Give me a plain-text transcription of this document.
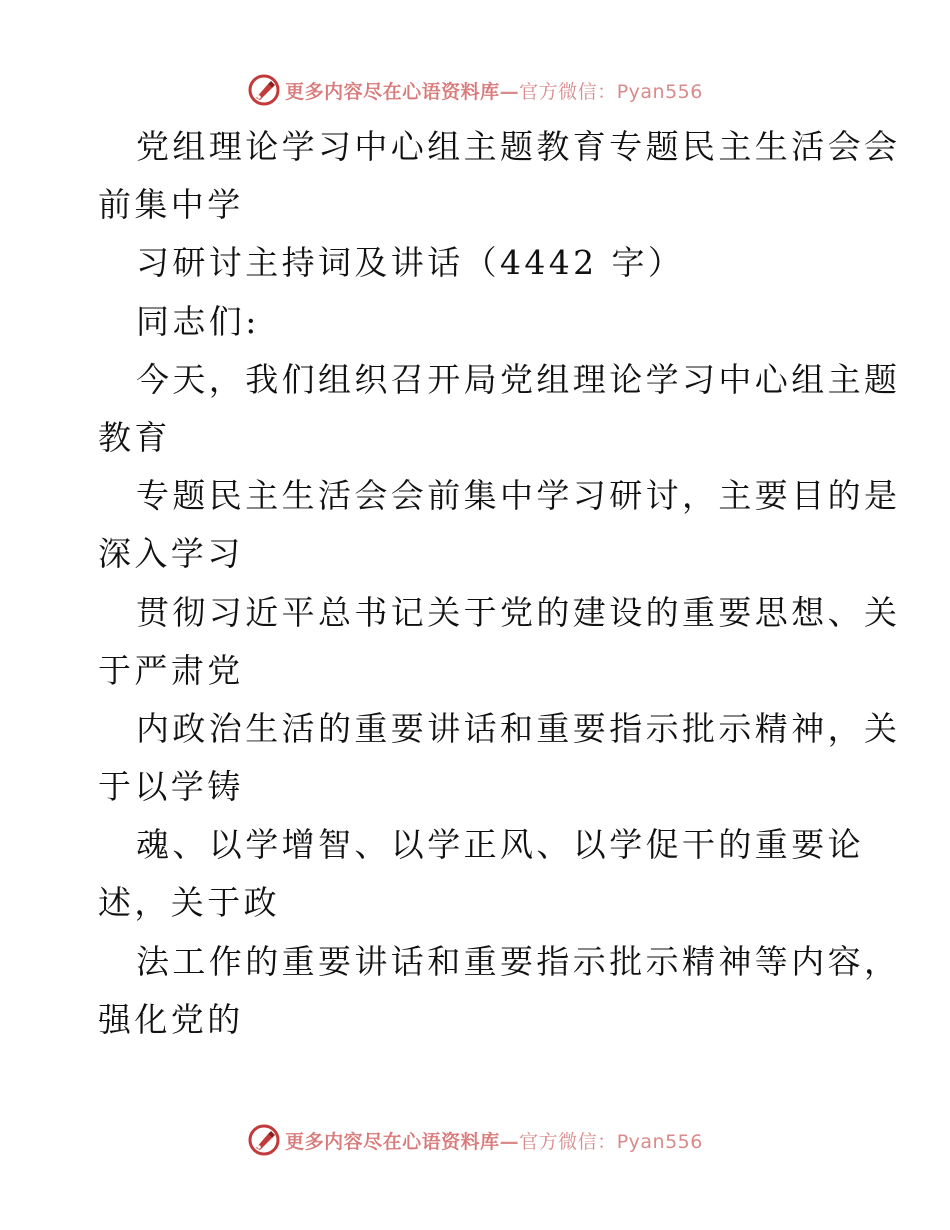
更多内容尽在心语资料库—官方微信：Pyan556
党组理论学习中心组主题教育专题民主生活会会
前集中学
习研讨主持词及讲话（4442 字）
同志们:
今天，我们组织召开局党组理论学习中心组主题
教育
专题民主生活会会前集中学习研讨，主要目的是
深入学习
贯彻习近平总书记关于党的建设的重要思想、关
于严肃党
内政治生活的重要讲话和重要指示批示精神，关
于以学铸
魂、以学增智、以学正风、以学促干的重要论
述，关于政
法工作的重要讲话和重要指示批示精神等内容，
强化党的
更多内容尽在心语资料库—官方微信：Pyan556
